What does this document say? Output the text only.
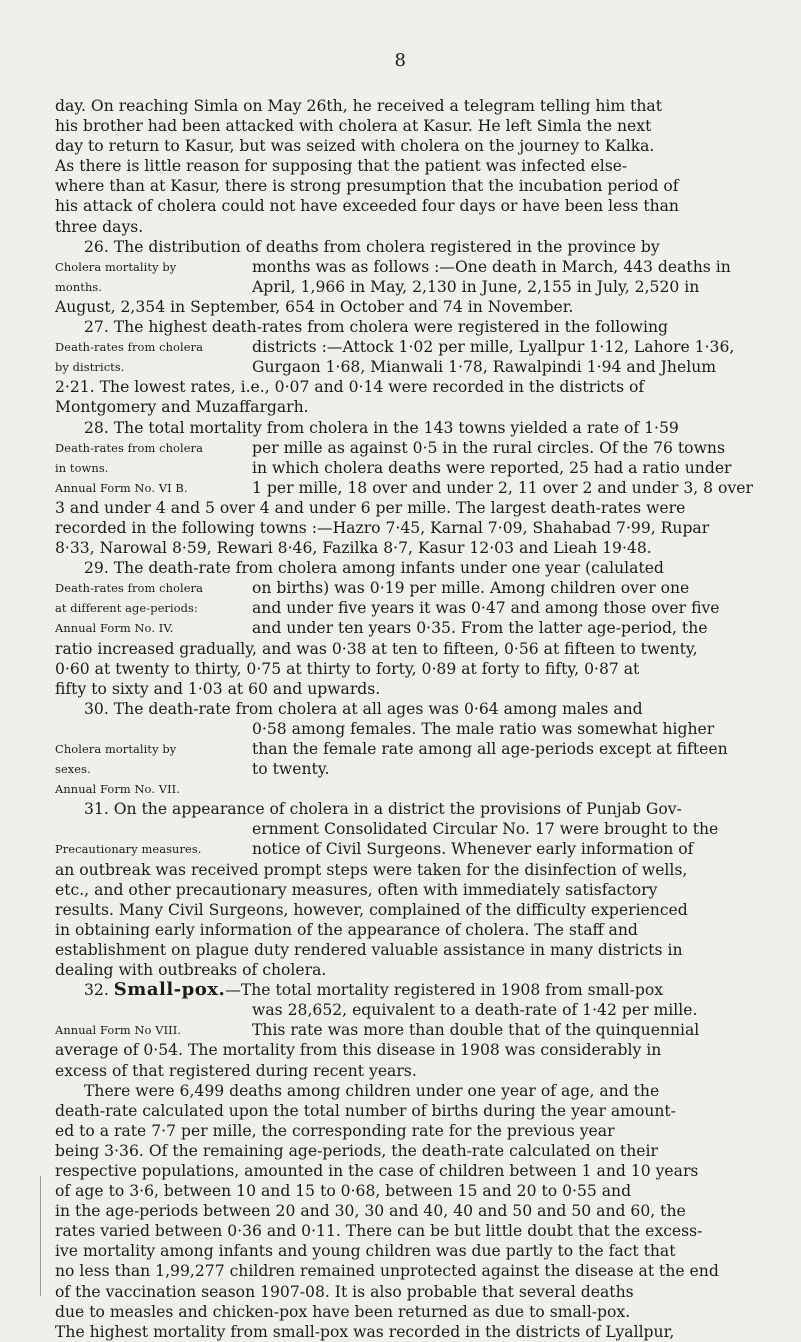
8
day. On reaching Simla on May 26th, he received a telegram telling him that
his brother had been attacked with cholera at Kasur. He left Simla the next
day to return to Kasur, but was seized with cholera on the journey to Kalka.
As there is little reason for supposing that the patient was infected else-
where than at Kasur, there is strong presumption that the incubation period of
his attack of cholera could not have exceeded four days or have been less than
three days.
26. The distribution of deaths from cholera registered in the province by
Cholera mortality by	months was as follows :—One death in March, 443 deaths in
months.	April, 1,966 in May, 2,130 in June, 2,155 in July, 2,520 in
August, 2,354 in September, 654 in October and 74 in November.
27. The highest death-rates from cholera were registered in the following
Death-rates from cholera	districts :—Attock 1·02 per mille, Lyallpur 1·12, Lahore 1·36,
by districts.	Gurgaon 1·68, Mianwali 1·78, Rawalpindi 1·94 and Jhelum
2·21. The lowest rates, i.e., 0·07 and 0·14 were recorded in the districts of
Montgomery and Muzaffargarh.
28. The total mortality from cholera in the 143 towns yielded a rate of 1·59
Death-rates from cholera	per mille as against 0·5 in the rural circles. Of the 76 towns
in towns.	in which cholera deaths were reported, 25 had a ratio under
Annual Form No. VI B.	1 per mille, 18 over and under 2, 11 over 2 and under 3, 8 over
3 and under 4 and 5 over 4 and under 6 per mille. The largest death-rates were
recorded in the following towns :—Hazro 7·45, Karnal 7·09, Shahabad 7·99, Rupar
8·33, Narowal 8·59, Rewari 8·46, Fazilka 8·7, Kasur 12·03 and Lieah 19·48.
29. The death-rate from cholera among infants under one year (calulated
Death-rates from cholera	on births) was 0·19 per mille. Among children over one
at different age-periods:	and under five years it was 0·47 and among those over five
Annual Form No. IV.	and under ten years 0·35. From the latter age-period, the
ratio increased gradually, and was 0·38 at ten to fifteen, 0·56 at fifteen to twenty,
0·60 at twenty to thirty, 0·75 at thirty to forty, 0·89 at forty to fifty, 0·87 at
fifty to sixty and 1·03 at 60 and upwards.
30. The death-rate from cholera at all ages was 0·64 among males and
0·58 among females. The male ratio was somewhat higher
Cholera mortality by	than the female rate among all age-periods except at fifteen
sexes.	to twenty.
Annual Form No. VII.
31. On the appearance of cholera in a district the provisions of Punjab Gov-
ernment Consolidated Circular No. 17 were brought to the
Precautionary measures.	notice of Civil Surgeons. Whenever early information of
an outbreak was received prompt steps were taken for the disinfection of wells,
etc., and other precautionary measures, often with immediately satisfactory
results. Many Civil Surgeons, however, complained of the difficulty experienced
in obtaining early information of the appearance of cholera. The staff and
establishment on plague duty rendered valuable assistance in many districts in
dealing with outbreaks of cholera.
32. Small-pox.—The total mortality registered in 1908 from small-pox
was 28,652, equivalent to a death-rate of 1·42 per mille.
Annual Form No VIII.	This rate was more than double that of the quinquennial
average of 0·54. The mortality from this disease in 1908 was considerably in
excess of that registered during recent years.
There were 6,499 deaths among children under one year of age, and the
death-rate calculated upon the total number of births during the year amount-
ed to a rate 7·7 per mille, the corresponding rate for the previous year
being 3·36. Of the remaining age-periods, the death-rate calculated on their
respective populations, amounted in the case of children between 1 and 10 years
of age to 3·6, between 10 and 15 to 0·68, between 15 and 20 to 0·55 and
in the age-periods between 20 and 30, 30 and 40, 40 and 50 and 50 and 60, the
rates varied between 0·36 and 0·11. There can be but little doubt that the excess-
ive mortality among infants and young children was due partly to the fact that
no less than 1,99,277 children remained unprotected against the disease at the end
of the vaccination season 1907-08. It is also probable that several deaths
due to measles and chicken-pox have been returned as due to small-pox.
The highest mortality from small-pox was recorded in the districts of Lyallpur,
